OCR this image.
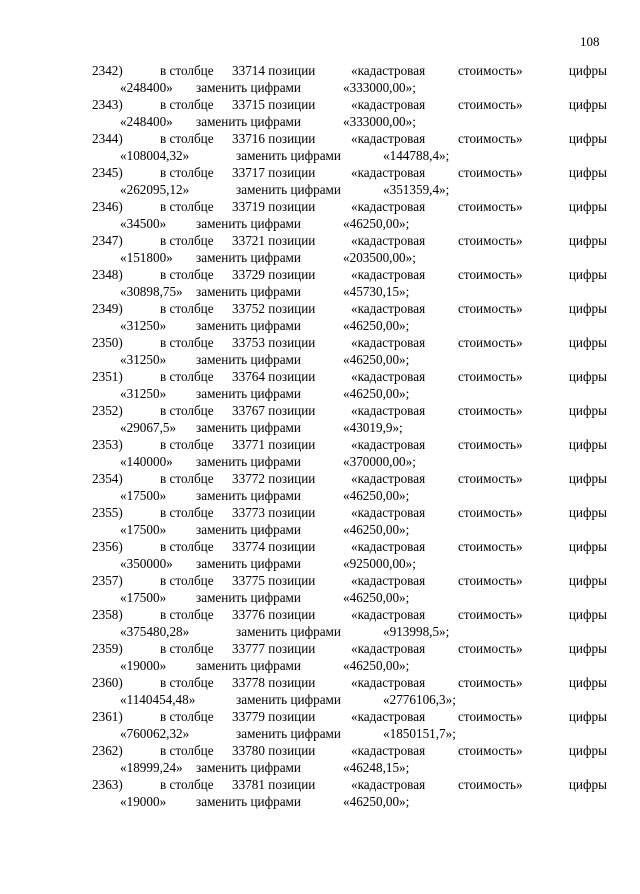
108
2342)	в столбце 33714 позиции	«кадастровая стоимость»	цифры
«248400» заменить цифрами	«333000,00»;
2343)	в столбце 33715 позиции	«кадастровая стоимость»	цифры
«248400» заменить цифрами	«333000,00»;
2344)	в столбце 33716 позиции	«кадастровая стоимость»	цифры
«108004,32»	заменить цифрами	«144788,4»;
2345)	в столбце 33717 позиции	«кадастровая стоимость»	цифры
«262095,12»	заменить цифрами	«351359,4»;
2346)	в столбце 33719 позиции	«кадастровая стоимость»	цифры
«34500» заменить цифрами	«46250,00»;
2347)	в столбце 33721 позиции	«кадастровая стоимость»	цифры
«151800» заменить цифрами	«203500,00»;
2348)	в столбце 33729 позиции	«кадастровая стоимость»	цифры
«30898,75» заменить цифрами	«45730,15»;
2349)	в столбце 33752 позиции	«кадастровая стоимость»	цифры
«31250» заменить цифрами	«46250,00»;
2350)	в столбце 33753 позиции	«кадастровая стоимость»	цифры
«31250» заменить цифрами	«46250,00»;
2351)	в столбце 33764 позиции	«кадастровая стоимость»	цифры
«31250» заменить цифрами	«46250,00»;
2352)	в столбце 33767 позиции	«кадастровая стоимость»	цифры
«29067,5» заменить цифрами	«43019,9»;
2353)	в столбце 33771 позиции	«кадастровая стоимость»	цифры
«140000» заменить цифрами	«370000,00»;
2354)	в столбце 33772 позиции	«кадастровая стоимость»	цифры
«17500» заменить цифрами	«46250,00»;
2355)	в столбце 33773 позиции	«кадастровая стоимость»	цифры
«17500» заменить цифрами	«46250,00»;
2356)	в столбце 33774 позиции	«кадастровая стоимость»	цифры
«350000» заменить цифрами	«925000,00»;
2357)	в столбце 33775 позиции	«кадастровая стоимость»	цифры
«17500» заменить цифрами	«46250,00»;
2358)	в столбце 33776 позиции	«кадастровая стоимость»	цифры
«375480,28»	заменить цифрами	«913998,5»;
2359)	в столбце 33777 позиции	«кадастровая стоимость»	цифры
«19000» заменить цифрами	«46250,00»;
2360)	в столбце 33778 позиции	«кадастровая стоимость»	цифры
«1140454,48»	заменить цифрами	«2776106,3»;
2361)	в столбце 33779 позиции	«кадастровая стоимость»	цифры
«760062,32»	заменить цифрами	«1850151,7»;
2362)	в столбце 33780 позиции	«кадастровая стоимость»	цифры
«18999,24» заменить цифрами	«46248,15»;
2363)	в столбце 33781 позиции	«кадастровая стоимость»	цифры
«19000» заменить цифрами	«46250,00»;
